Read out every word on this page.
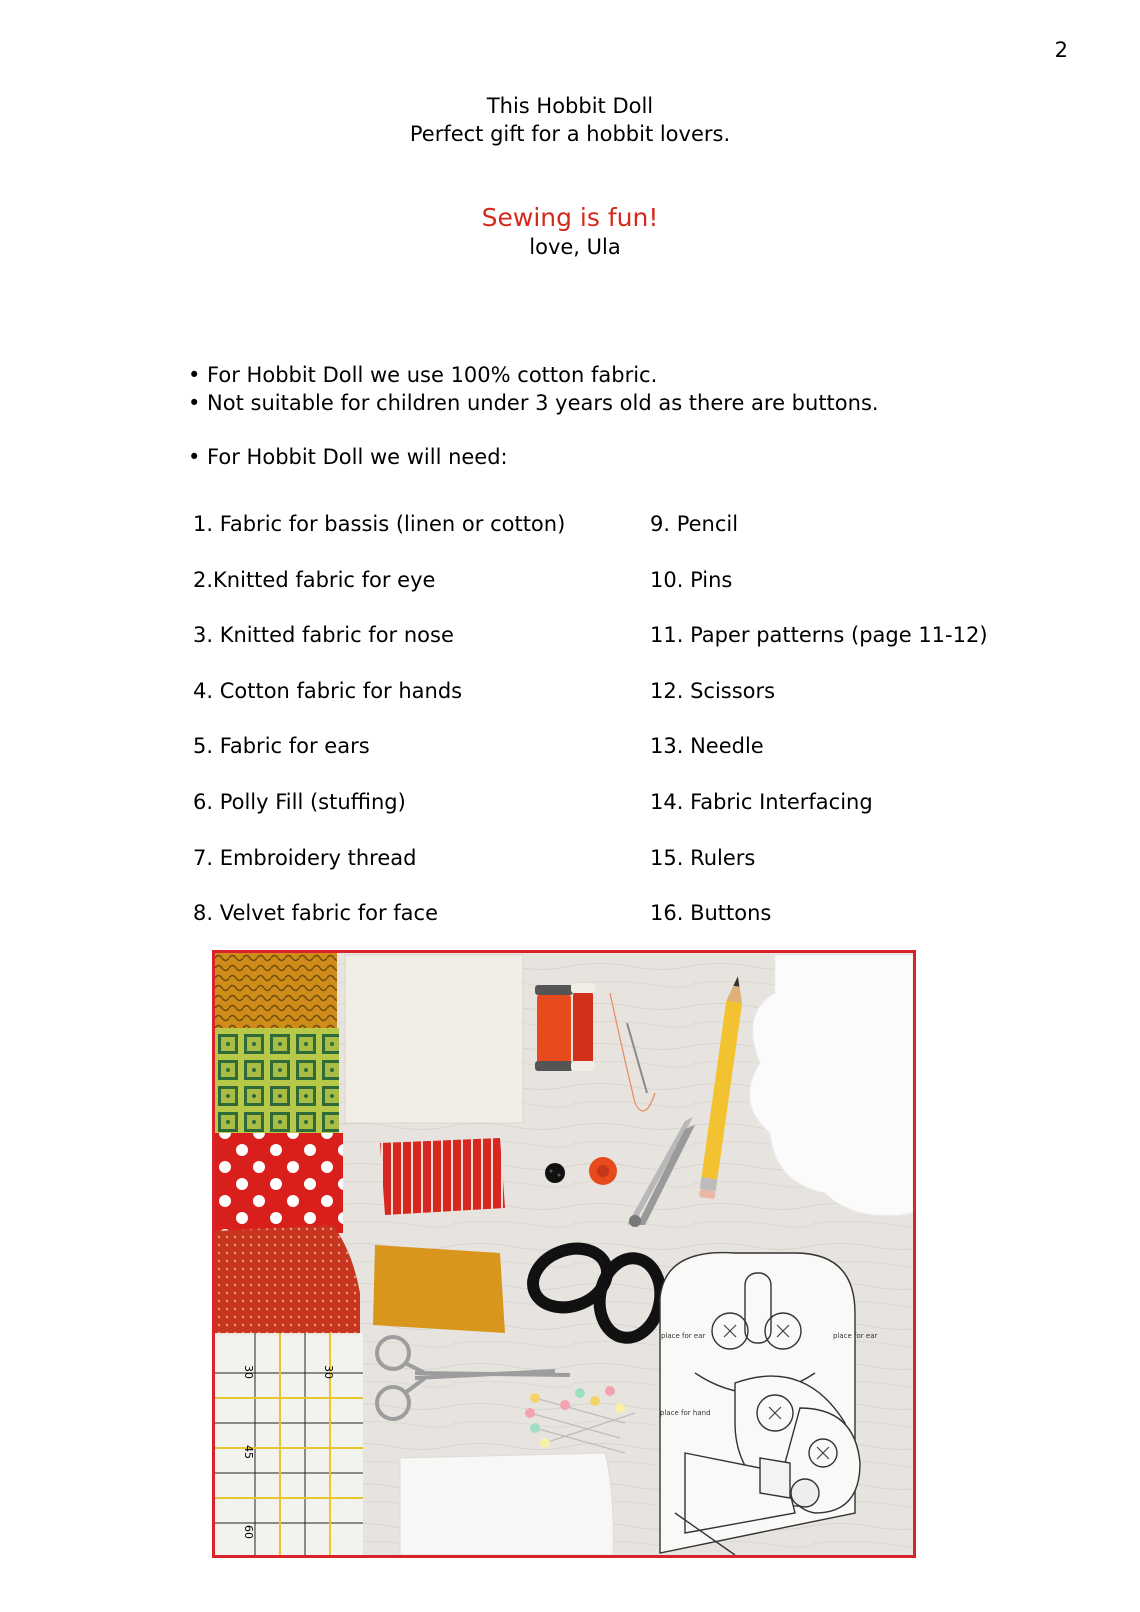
2
This Hobbit Doll
Perfect gift for a hobbit lovers.
Sewing is fun!
love, Ula
• For Hobbit Doll we use 100% cotton fabric.
• Not suitable for children under 3 years old as there are buttons.
• For Hobbit Doll we will need:
1. Fabric for bassis (linen or cotton)
2.Knitted fabric for eye
3. Knitted fabric for nose
4. Cotton fabric for hands
5. Fabric for ears
6. Polly Fill (stuffing)
7. Embroidery thread
8. Velvet fabric for face
9. Pencil
10. Pins
11. Paper patterns (page 11-12)
12. Scissors
13. Needle
14. Fabric Interfacing
15. Rulers
16. Buttons
30	30
45
60
place for ear	place for ear
place for hand
